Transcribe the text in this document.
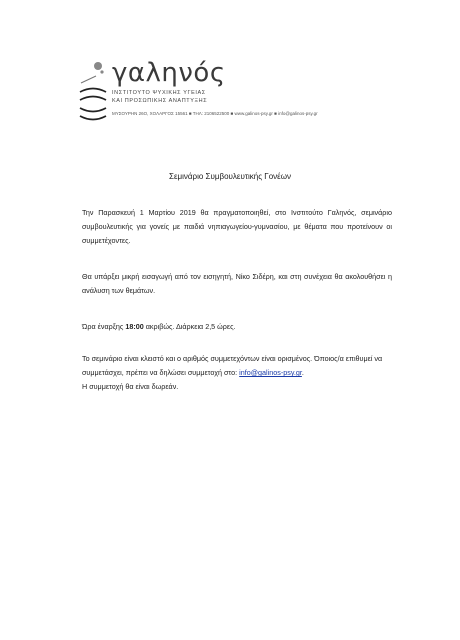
γαληνός
ΙΝΣΤΙΤΟΥΤΟ ΨΥΧΙΚΗΣ ΥΓΕΙΑΣ
ΚΑΙ ΠΡΟΣΩΠΙΚΗΣ ΑΝΑΠΤΥΞΗΣ
ΜΥΣΟΥΡΗΝ 26Ο, ΧΟΛΑΡΓΟΣ 15561 ■ ΤΗΛ: 2106522500 ■ www.galinos-psy.gr ■ info@galinos-psy.gr
Σεμινάριο Συμβουλευτικής Γονέων
Την Παρασκευή 1 Μαρτίου 2019 θα πραγματοποιηθεί, στο Ινστιτούτο Γαληνός, σεμινάριο συμβουλευτικής για γονείς με παιδιά νηπιαγωγείου-γυμνασίου, με θέματα που προτείνουν οι συμμετέχοντες.
Θα υπάρξει μικρή εισαγωγή από τον εισηγητή, Νίκο Σιδέρη, και στη συνέχεια θα ακολουθήσει η ανάλυση των θεμάτων.
Ώρα έναρξης 18:00 ακριβώς. Διάρκεια 2,5 ώρες.
Το σεμινάριο είναι κλειστό και ο αριθμός συμμετεχόντων είναι ορισμένος. Όποιος/α επιθυμεί να συμμετάσχει, πρέπει να δηλώσει συμμετοχή στο: info@galinos-psy.gr.
Η συμμετοχή θα είναι δωρεάν.
